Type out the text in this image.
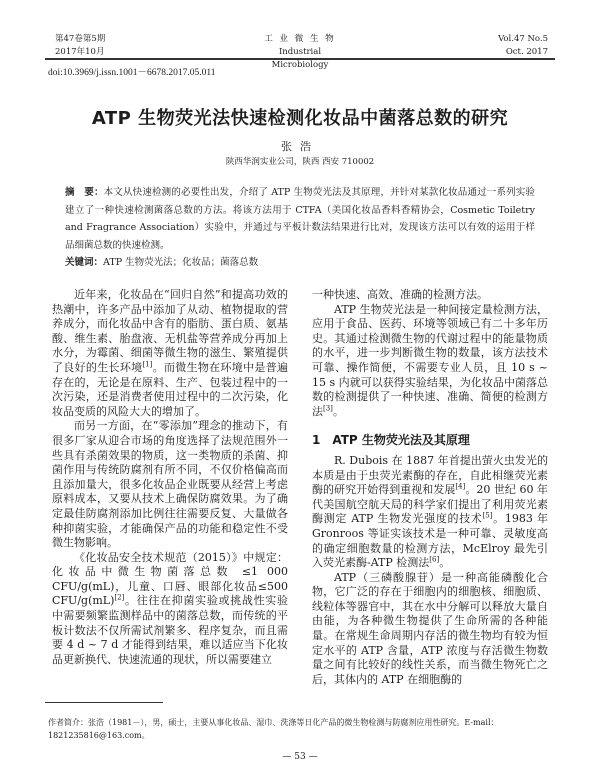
第47卷第5期
2017年10月
工 业 微 生 物
Industrial Microbiology
Vol.47 No.5
Oct. 2017
doi:10.3969/j.issn.1001－6678.2017.05.011
ATP 生物荧光法快速检测化妆品中菌落总数的研究
张浩
陕西华润实业公司，陕西 西安 710002
摘　要：本文从快速检测的必要性出发，介绍了 ATP 生物荧光法及其原理，并针对某款化妆品通过一系列实验建立了一种快速检测菌落总数的方法。将该方法用于 CTFA（美国化妆品香料香精协会，Cosmetic Toiletry and Fragrance Association）实验中，并通过与平板计数法结果进行比对，发现该方法可以有效的运用于样品细菌总数的快速检测。
关键词：ATP 生物荧光法；化妆品；菌落总数

近年来，化妆品在“回归自然”和提高功效的热潮中，许多产品中添加了从动、植物提取的营养成分，而化妆品中含有的脂肪、蛋白质、氨基酸、维生素、胎盘液、无机盐等营养成分再加上水分，为霉菌、细菌等微生物的滋生、繁殖提供了良好的生长环境[1]。而微生物在环境中是普遍存在的，无论是在原料、生产、包装过程中的一次污染，还是消费者使用过程中的二次污染，化妆品变质的风险大大的增加了。

而另一方面，在“零添加”理念的推动下，有很多厂家从迎合市场的角度选择了法规范围外一些具有杀菌效果的物质，这一类物质的杀菌、抑菌作用与传统防腐剂有所不同，不仅价格偏高而且添加量大，很多化妆品企业既要从经营上考虑原料成本，又要从技术上确保防腐效果。为了确定最佳防腐剂添加比例往往需要反复、大量做各种抑菌实验，才能确保产品的功能和稳定性不受微生物影响。

《化妆品安全技术规范（2015）》中规定：化妆品中微生物菌落总数 ≤1 000 CFU/g(mL)，儿童、口唇、眼部化妆品≤500 CFU/g(mL)[2]。往往在抑菌实验或挑战性实验中需要频繁监测样品中的菌落总数，而传统的平板计数法不仅所需试剂繁多、程序复杂，而且需要 4 d ~ 7 d 才能得到结果，难以适应当下化妆品更新换代、快速流通的现状，所以需要建立

一种快速、高效、准确的检测方法。

ATP 生物荧光法是一种间接定量检测方法，应用于食品、医药、环境等领域已有二十多年历史。其通过检测微生物的代谢过程中的能量物质的水平，进一步判断微生物的数量，该方法技术可靠、操作简便，不需要专业人员，且 10 s ~ 15 s 内就可以获得实验结果，为化妆品中菌落总数的检测提供了一种快速、准确、简便的检测方法[3]。

1　ATP 生物荧光法及其原理

R. Dubois 在 1887 年首提出萤火虫发光的本质是由于虫荧光素酶的存在，自此相继荧光素酶的研究开始得到重视和发展[4]。20 世纪 60 年代美国航空航天局的科学家们提出了利用荧光素酶测定 ATP 生物发光强度的技术[5]。1983 年 Gronroos 等证实该技术是一种可靠、灵敏度高的确定细胞数量的检测方法，McElroy 最先引入荧光素酶-ATP 检测法[6]。

ATP（三磷酸腺苷）是一种高能磷酸化合物，它广泛的存在于细胞内的细胞核、细胞质、线粒体等器官中，其在水中分解可以释放大量自由能，为各种微生物提供了生命所需的各种能量。在常规生命周期内存活的微生物均有较为恒定水平的 ATP 含量，ATP 浓度与存活微生物数量之间有比较好的线性关系，而当微生物死亡之后，其体内的 ATP 在细胞酶的

作者简介：张浩（1981－），男，硕士，主要从事化妆品、湿巾、洗涤等日化产品的微生物检测与防腐剂应用性研究。E-mail：1821235816@163.com。
— 53 —
